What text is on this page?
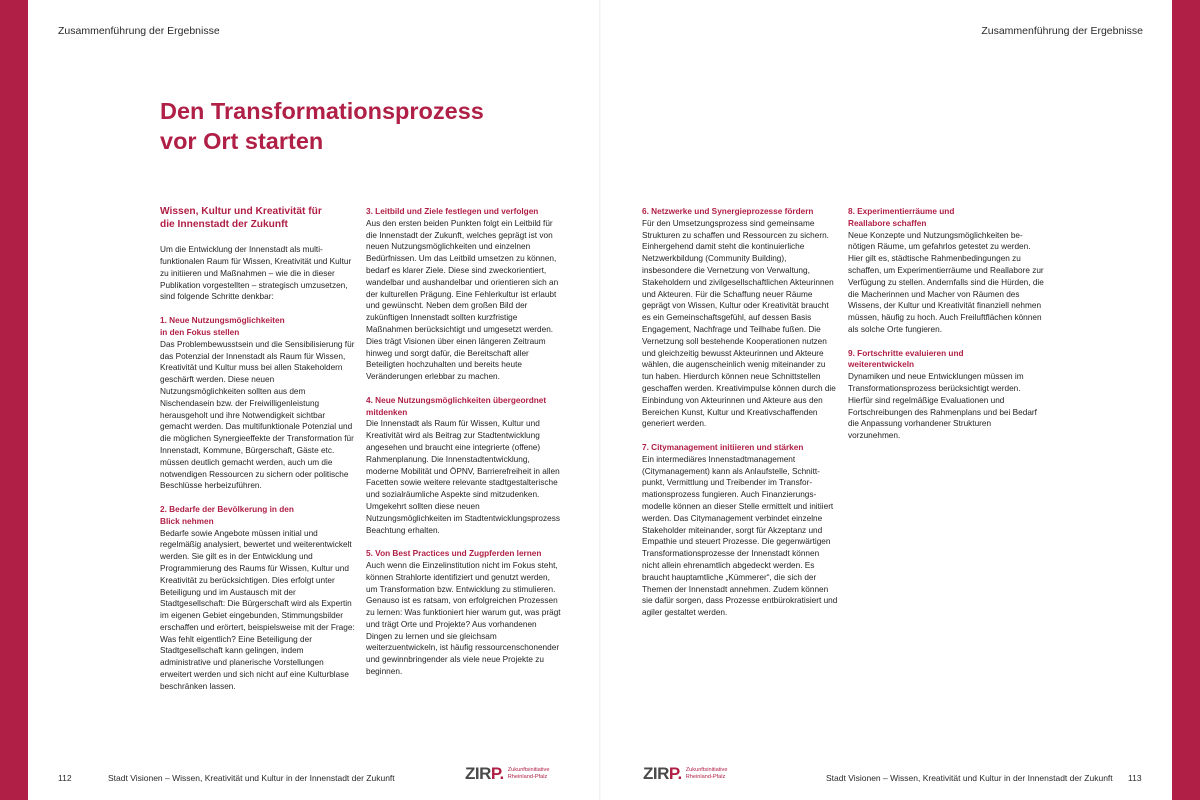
Zusammenführung der Ergebnisse	Zusammenführung der Ergebnisse
Den Transformationsprozess
vor Ort starten
Wissen, Kultur und Kreativität für
die Innenstadt der Zukunft

Um die Entwicklung der Innenstadt als multifunktionalen Raum für Wissen, Kreativität und Kultur zu initiieren und Maßnahmen – wie die in dieser Publikation vorgestellten – strategisch umzusetzen, sind folgende Schritte denkbar:

1. Neue Nutzungsmöglichkeiten
in den Fokus stellen
Das Problembewusstsein und die Sensibilisierung für das Potenzial der Innenstadt als Raum für Wissen, Kreativität und Kultur muss bei allen Stakeholdern geschärft werden. Diese neuen Nutzungsmöglichkeiten sollten aus dem Nischendasein bzw. der Freiwilligenleistung herausgeholt und ihre Notwendigkeit sichtbar gemacht werden. Das multifunktionale Potenzial und die möglichen Synergieeffekte der Transformation für Innenstadt, Kommune, Bürgerschaft, Gäste etc. müssen deutlich gemacht werden, auch um die notwendigen Ressourcen zu sichern oder politische Beschlüsse herbeizuführen.
2. Bedarfe der Bevölkerung in den
Blick nehmen
Bedarfe sowie Angebote müssen initial und regelmäßig analysiert, bewertet und weiterentwickelt werden. Sie gilt es in der Entwicklung und Programmierung des Raums für Wissen, Kultur und Kreativität zu berücksichtigen. Dies erfolgt unter Beteiligung und im Austausch mit der Stadtgesellschaft: Die Bürgerschaft wird als Expertin im eigenen Gebiet eingebunden, Stimmungsbilder erschaffen und erörtert, beispielsweise mit der Frage: Was fehlt eigentlich? Eine Beteiligung der Stadtgesellschaft kann gelingen, indem administrative und planerische Vorstellungen erweitert werden und sich nicht auf eine Kulturblase beschränken lassen.
3. Leitbild und Ziele festlegen und verfolgen
Aus den ersten beiden Punkten folgt ein Leitbild für die Innenstadt der Zukunft, welches geprägt ist von neuen Nutzungsmöglichkeiten und einzelnen Bedürfnissen. Um das Leitbild umsetzen zu können, bedarf es klarer Ziele. Diese sind zweckorientiert, wandelbar und aushandelbar und orientieren sich an der kulturellen Prägung. Eine Fehlerkultur ist erlaubt und gewünscht. Neben dem großen Bild der zukünftigen Innenstadt sollten kurzfristige Maßnahmen berücksichtigt und umgesetzt werden. Dies trägt Visionen über einen längeren Zeitraum hinweg und sorgt dafür, die Bereitschaft aller Beteiligten hochzuhalten und bereits heute Veränderungen erlebbar zu machen.
4. Neue Nutzungsmöglichkeiten übergeordnet
mitdenken
Die Innenstadt als Raum für Wissen, Kultur und Kreativität wird als Beitrag zur Stadtentwicklung angesehen und braucht eine integrierte (offene) Rahmenplanung. Die Innenstadtentwicklung, moderne Mobilität und ÖPNV, Barrierefreiheit in allen Facetten sowie weitere relevante stadtgestalterische und sozialräumliche Aspekte sind mitzudenken. Umgekehrt sollten diese neuen Nutzungsmöglichkeiten im Stadtentwicklungsprozess Beachtung erhalten.
5. Von Best Practices und Zugpferden lernen
Auch wenn die Einzelinstitution nicht im Fokus steht, können Strahlorte identifiziert und genutzt werden, um Transformation bzw. Entwicklung zu stimulieren. Genauso ist es ratsam, von erfolgreichen Prozessen zu lernen: Was funktioniert hier warum gut, was prägt und trägt Orte und Projekte? Aus vorhandenen Dingen zu lernen und sie gleichsam weiterzuentwickeln, ist häufig ressourcenschonender und gewinnbringender als viele neue Projekte zu beginnen.
6. Netzwerke und Synergieprozesse fördern
Für den Umsetzungsprozess sind gemeinsame Strukturen zu schaffen und Ressourcen zu sichern. Einhergehend damit steht die kontinuierliche Netzwerkbildung (Community Building), insbesondere die Vernetzung von Verwaltung, Stakeholdern und zivilgesellschaftlichen Akteurinnen und Akteuren. Für die Schaffung neuer Räume geprägt von Wissen, Kultur oder Kreativität braucht es ein Gemeinschaftsgefühl, auf dessen Basis Engagement, Nachfrage und Teilhabe fußen. Die Vernetzung soll bestehende Kooperationen nutzen und gleichzeitig bewusst Akteurinnen und Akteure wählen, die augenscheinlich wenig miteinander zu tun haben. Hierdurch können neue Schnittstellen geschaffen werden. Kreativimpulse können durch die Einbindung von Akteurinnen und Akteure aus den Bereichen Kunst, Kultur und Kreativschaffenden generiert werden.
7. Citymanagement initiieren und stärken
Ein intermediäres Innenstadtmanagement (Citymanagement) kann als Anlaufstelle, Schnittpunkt, Vermittlung und Treibender im Transformationsprozess fungieren. Auch Finanzierungsmodelle können an dieser Stelle ermittelt und initiiert werden. Das Citymanagement verbindet einzelne Stakeholder miteinander, sorgt für Akzeptanz und Empathie und steuert Prozesse. Die gegenwärtigen Transformationsprozesse der Innenstadt können nicht allein ehrenamtlich abgedeckt werden. Es braucht hauptamtliche „Kümmerer“, die sich der Themen der Innenstadt annehmen. Zudem können sie dafür sorgen, dass Prozesse entbürokratisiert und agiler gestaltet werden.
8. Experimentierräume und
Reallabore schaffen
Neue Konzepte und Nutzungsmöglichkeiten benötigen Räume, um gefahrlos getestet zu werden. Hier gilt es, städtische Rahmenbedingungen zu schaffen, um Experimentierräume und Reallabore zur Verfügung zu stellen. Andernfalls sind die Hürden, die die Macherinnen und Macher von Räumen des Wissens, der Kultur und Kreativität finanziell nehmen müssen, häufig zu hoch. Auch Freiluftflächen können als solche Orte fungieren.
9. Fortschritte evaluieren und
weiterentwickeln
Dynamiken und neue Entwicklungen müssen im Transformationsprozess berücksichtigt werden. Hierfür sind regelmäßige Evaluationen und Fortschreibungen des Rahmenplans und bei Bedarf die Anpassung vorhandener Strukturen vorzunehmen.
112	Stadt Visionen – Wissen, Kreativität und Kultur in der Innenstadt der Zukunft	ZIRP. Zukunftsinitiative
Rheinland-Pfalz	ZIRP. Zukunftsinitiative
Rheinland-Pfalz	Stadt Visionen – Wissen, Kreativität und Kultur in der Innenstadt der Zukunft 113
